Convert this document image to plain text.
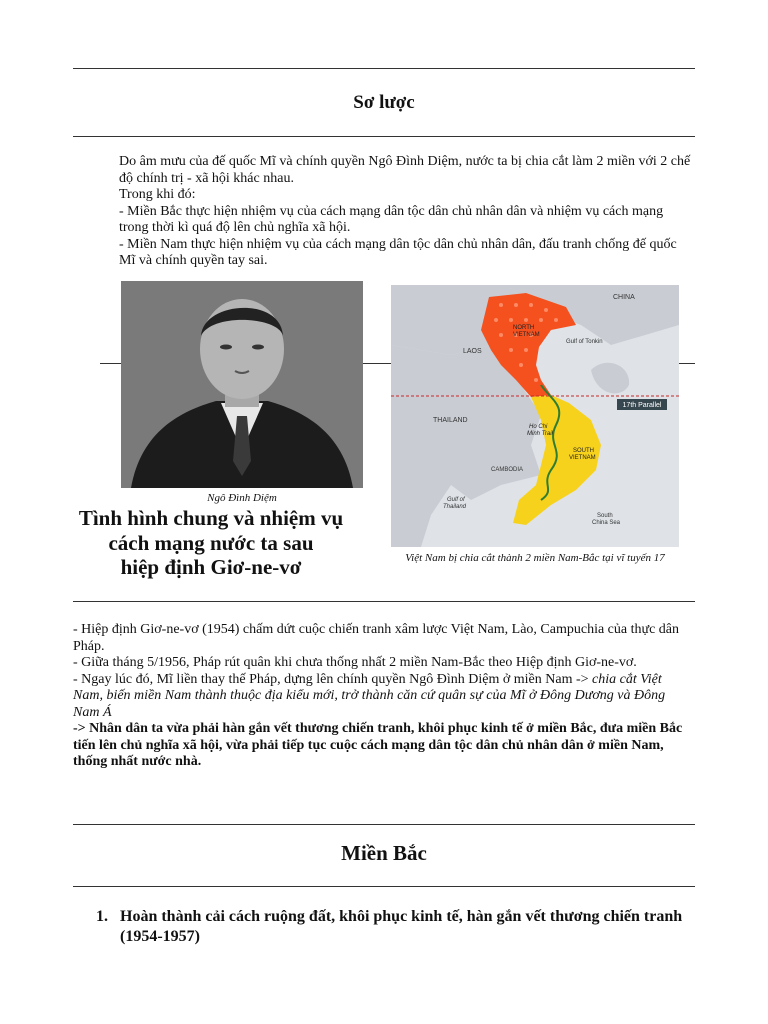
Sơ lược
Do âm mưu của đế quốc Mĩ và chính quyền Ngô Đình Diệm, nước ta bị chia cắt làm 2 miền với 2 chế độ chính trị - xã hội khác nhau.
Trong khi đó:
- Miền Bắc thực hiện nhiệm vụ của cách mạng dân tộc dân chủ nhân dân và nhiệm vụ cách mạng trong thời kì quá độ lên chủ nghĩa xã hội.
- Miền Nam thực hiện nhiệm vụ của cách mạng dân tộc dân chủ nhân dân, đấu tranh chống đế quốc Mĩ và chính quyền tay sai.
Ngô Đình Diệm
17th Parallel
CHINA
NORTH
VIETNAM
LAOS
Gulf of Tonkin
THAILAND
Ho Chi
Minh Trail
SOUTH
VIETNAM
CAMBODIA
Gulf of
Thailand
South
China Sea
Việt Nam bị chia cắt thành 2 miền Nam-Bắc tại vĩ tuyến 17
Tình hình chung và nhiệm vụ
cách mạng nước ta sau
hiệp định Giơ-ne-vơ
- Hiệp định Giơ-ne-vơ (1954) chấm dứt cuộc chiến tranh xâm lược Việt Nam, Lào, Campuchia của thực dân Pháp.
- Giữa tháng 5/1956, Pháp rút quân khi chưa thống nhất 2 miền Nam-Bắc theo Hiệp định Giơ-ne-vơ.
- Ngay lúc đó, Mĩ liền thay thế Pháp, dựng lên chính quyền Ngô Đình Diệm ở miền Nam -> chia cắt Việt Nam, biến miền Nam thành thuộc địa kiểu mới, trở thành căn cứ quân sự của Mĩ ở Đông Dương và Đông Nam Á
-> Nhân dân ta vừa phải hàn gắn vết thương chiến tranh, khôi phục kinh tế ở miền Bắc, đưa miền Bắc tiến lên chủ nghĩa xã hội, vừa phải tiếp tục cuộc cách mạng dân tộc dân chủ nhân dân ở miền Nam, thống nhất nước nhà.
Miền Bắc
1. Hoàn thành cải cách ruộng đất, khôi phục kinh tế, hàn gắn vết thương chiến tranh (1954-1957)
